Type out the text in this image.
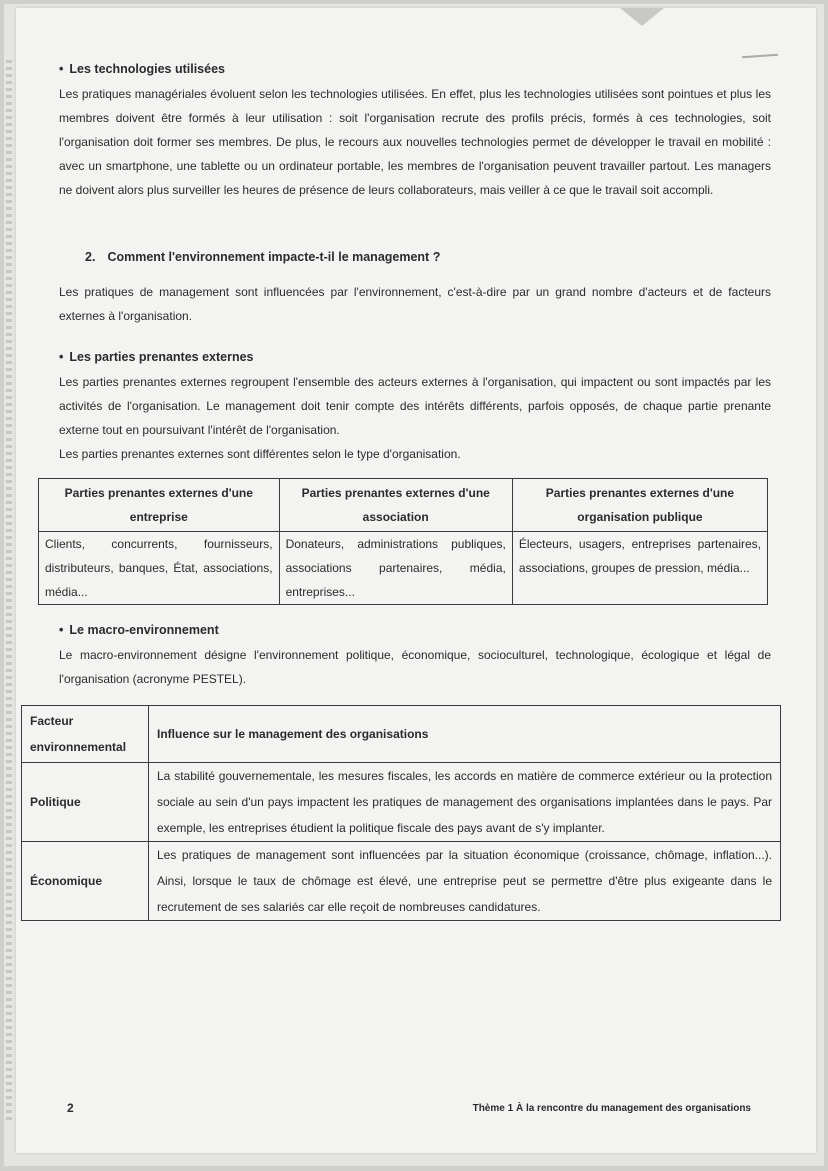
• Les technologies utilisées

Les pratiques managériales évoluent selon les technologies utilisées. En effet, plus les technologies utilisées sont pointues et plus les membres doivent être formés à leur utilisation : soit l'organisation recrute des profils précis, formés à ces technologies, soit l'organisation doit former ses membres. De plus, le recours aux nouvelles technologies permet de développer le travail en mobilité : avec un smartphone, une tablette ou un ordinateur portable, les membres de l'organisation peuvent travailler partout. Les managers ne doivent alors plus surveiller les heures de présence de leurs collaborateurs, mais veiller à ce que le travail soit accompli.

2. Comment l'environnement impacte-t-il le management ?

Les pratiques de management sont influencées par l'environnement, c'est-à-dire par un grand nombre d'acteurs et de facteurs externes à l'organisation.

• Les parties prenantes externes

Les parties prenantes externes regroupent l'ensemble des acteurs externes à l'organisation, qui impactent ou sont impactés par les activités de l'organisation. Le management doit tenir compte des intérêts différents, parfois opposés, de chaque partie prenante externe tout en poursuivant l'intérêt de l'organisation.

Les parties prenantes externes sont différentes selon le type d'organisation.

Parties prenantes externes d'une entreprise	Parties prenantes externes d'une association	Parties prenantes externes d'une organisation publique
Clients, concurrents, fournisseurs, distributeurs, banques, État, associations, média...	Donateurs, administrations publiques, associations partenaires, média, entreprises...	Électeurs, usagers, entreprises partenaires, associations, groupes de pression, média...
• Le macro-environnement

Le macro-environnement désigne l'environnement politique, économique, socioculturel, technologique, écologique et légal de l'organisation (acronyme PESTEL).

Facteur environnemental	Influence sur le management des organisations
Politique	La stabilité gouvernementale, les mesures fiscales, les accords en matière de commerce extérieur ou la protection sociale au sein d'un pays impactent les pratiques de management des organisations implantées dans le pays. Par exemple, les entreprises étudient la politique fiscale des pays avant de s'y implanter.
Économique	Les pratiques de management sont influencées par la situation économique (croissance, chômage, inflation...). Ainsi, lorsque le taux de chômage est élevé, une entreprise peut se permettre d'être plus exigeante dans le recrutement de ses salariés car elle reçoit de nombreuses candidatures.
2	Thème 1 À la rencontre du management des organisations
